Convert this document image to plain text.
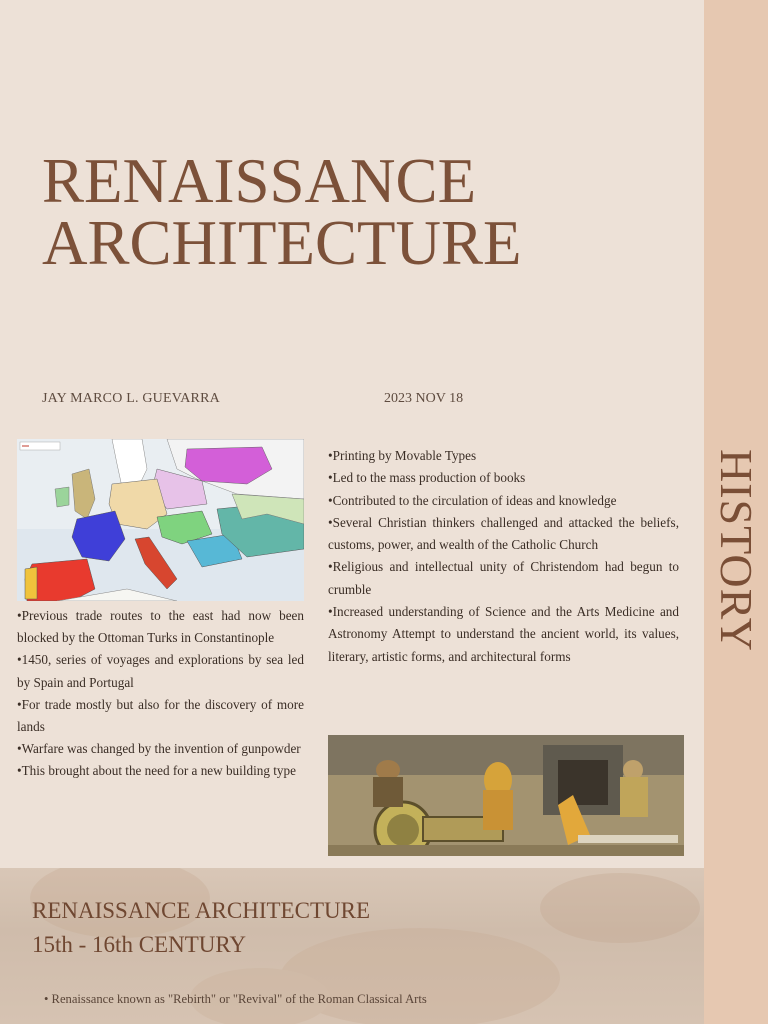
HISTORY
RENAISSANCE
ARCHITECTURE
JAY MARCO L. GUEVARRA	2023 NOV 18

•Previous trade routes to the east had now been blocked by the Ottoman Turks in Constantinople

•1450, series of voyages and explorations by sea led by Spain and Portugal

•For trade mostly but also for the discovery of more lands

•Warfare was changed by the invention of gunpowder

•This brought about the need for a new building type

•Printing by Movable Types

•Led to the mass production of books

•Contributed to the circulation of ideas and knowledge

•Several Christian thinkers challenged and attacked the beliefs, customs, power, and wealth of the Catholic Church

•Religious and intellectual unity of Christendom had begun to crumble

•Increased understanding of Science and the Arts Medicine and Astronomy Attempt to understand the ancient world, its values, literary, artistic forms, and architectural forms

RENAISSANCE ARCHITECTURE
15th - 16th CENTURY
• Renaissance known as "Rebirth" or "Revival" of the Roman Classical Arts
